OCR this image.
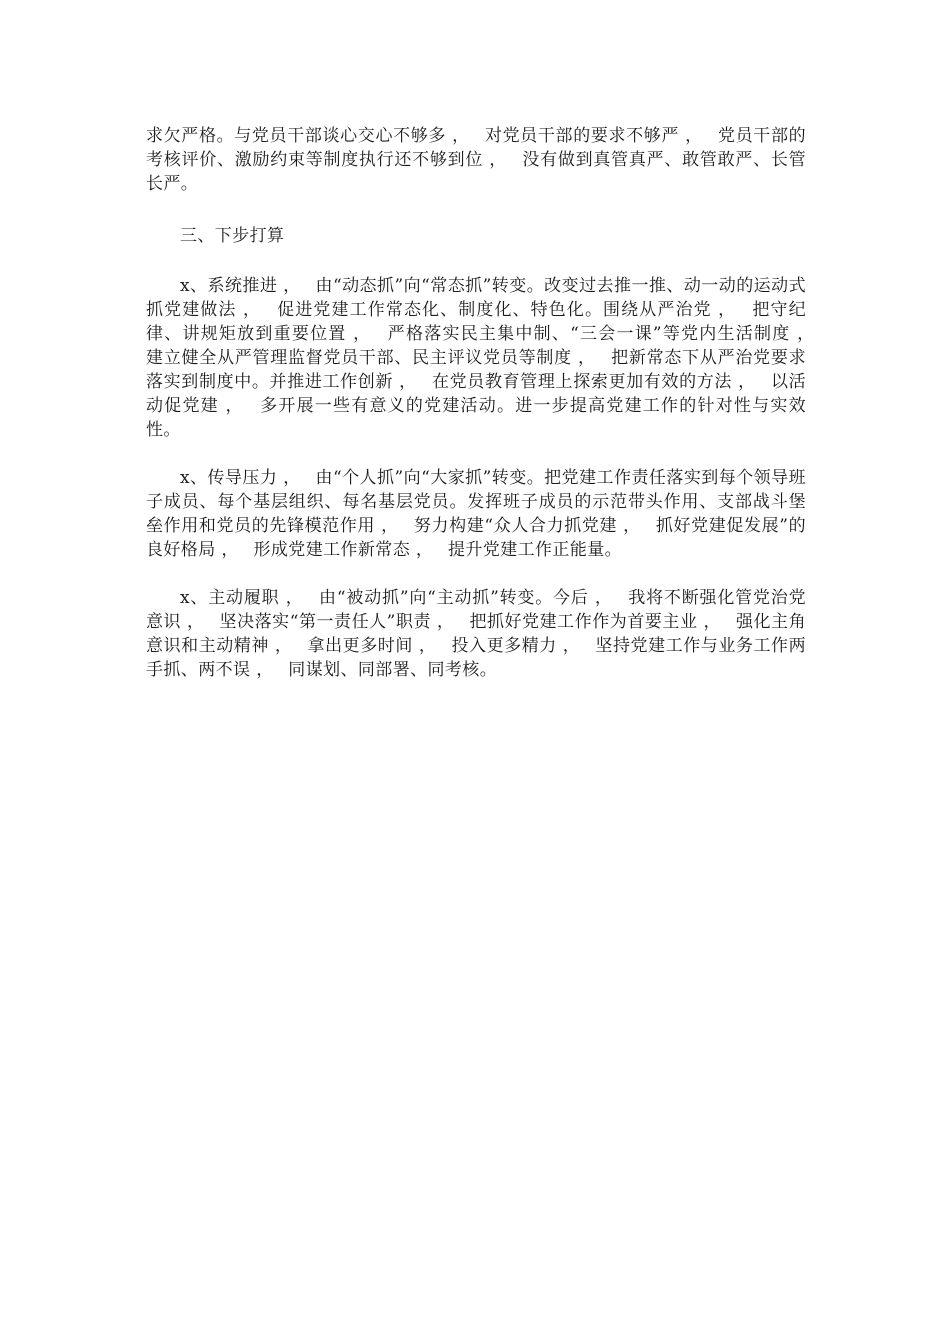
求欠严格。与党员干部谈心交心不够多 ，　 对党员干部的要求不够严 ，　 党员干部的考核评价、激励约束等制度执行还不够到位 ，　 没有做到真管真严、敢管敢严、长管长严。

三、下步打算

x、系统推进 ，　 由“动态抓”向“常态抓”转变。改变过去推一推、动一动的运动式抓党建做法 ，　 促进党建工作常态化、制度化、特色化。围绕从严治党 ，　 把守纪律、讲规矩放到重要位置 ，　 严格落实民主集中制、“三会一课”等党内生活制度 ，　 建立健全从严管理监督党员干部、民主评议党员等制度 ，　 把新常态下从严治党要求落实到制度中。并推进工作创新 ，　 在党员教育管理上探索更加有效的方法 ，　 以活动促党建 ，　 多开展一些有意义的党建活动。进一步提高党建工作的针对性与实效性。

x、传导压力 ，　 由“个人抓”向“大家抓”转变。把党建工作责任落实到每个领导班子成员、每个基层组织、每名基层党员。发挥班子成员的示范带头作用、支部战斗堡垒作用和党员的先锋模范作用 ，　 努力构建“众人合力抓党建 ，　 抓好党建促发展”的良好格局 ，　 形成党建工作新常态 ，　 提升党建工作正能量。

x、主动履职 ，　 由“被动抓”向“主动抓”转变。今后 ，　 我将不断强化管党治党意识 ，　 坚决落实“第一责任人”职责 ，　 把抓好党建工作作为首要主业 ，　 强化主角意识和主动精神 ，　 拿出更多时间 ，　 投入更多精力 ，　 坚持党建工作与业务工作两手抓、两不误 ，　 同谋划、同部署、同考核。
